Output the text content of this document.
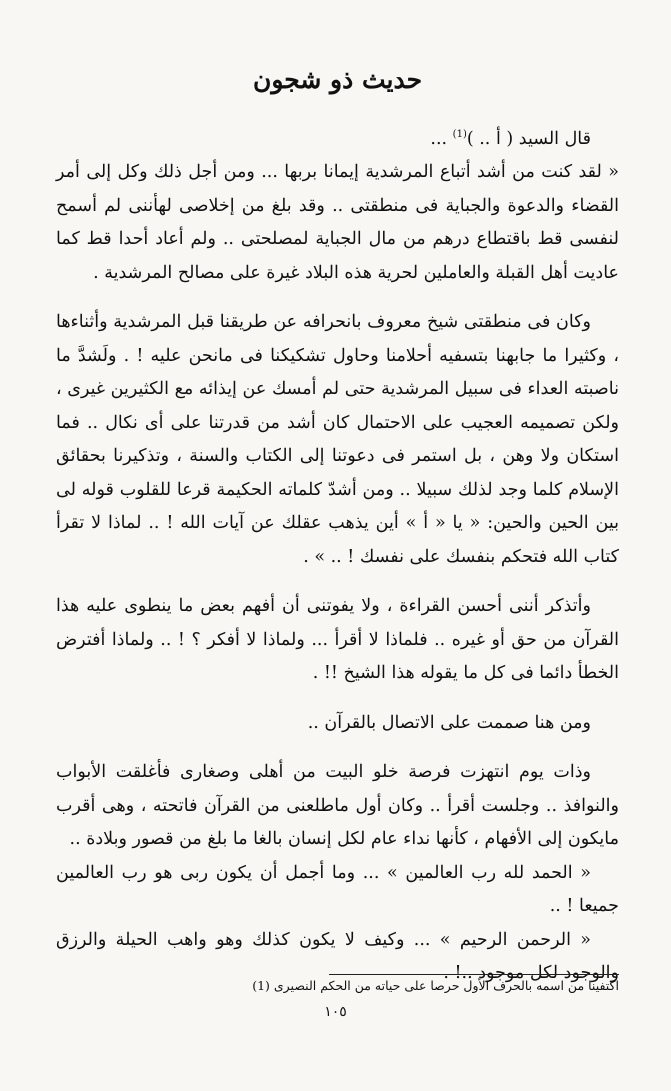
حديث ذو شجون

قال السيد ( أ .. )$^{(1)}$ ...

« لقد كنت من أشد أتباع المرشدية إيمانا بربها ... ومن أجل ذلك وكل إلى أمر القضاء والدعوة والجباية فى منطقتى .. وقد بلغ من إخلاصى لهأننى لم أسمح لنفسى قط باقتطاع درهم من مال الجباية لمصلحتى .. ولم أعاد أحدا قط كما عاديت أهل القبلة والعاملين لحرية هذه البلاد غيرة على مصالح المرشدية .

وكان فى منطقتى شيخ معروف بانحرافه عن طريقنا قبل المرشدية وأثناءها ، وكثيرا ما جابهنا بتسفيه أحلامنا وحاول تشكيكنا فى مانحن عليه ! . ولَشدَّ ما ناصبته العداء فى سبيل المرشدية حتى لم أمسك عن إيذائه مع الكثيرين غيرى ، ولكن تصميمه العجيب على الاحتمال كان أشد من قدرتنا على أى نكال .. فما استكان ولا وهن ، بل استمر فى دعوتنا إلى الكتاب والسنة ، وتذكيرنا بحقائق الإسلام كلما وجد لذلك سبيلا .. ومن أشدّ كلماته الحكيمة قرعا للقلوب قوله لى بين الحين والحين: « يا « أ » أين يذهب عقلك عن آيات الله ! .. لماذا لا تقرأ كتاب الله فتحكم بنفسك على نفسك ! .. » .

وأتذكر أننى أحسن القراءة ، ولا يفوتنى أن أفهم بعض ما ينطوى عليه هذا القرآن من حق أو غيره .. فلماذا لا أقرأ ... ولماذا لا أفكر ؟ ! .. ولماذا أفترض الخطأ دائما فى كل ما يقوله هذا الشيخ !! .

ومن هنا صممت على الاتصال بالقرآن ..

وذات يوم انتهزت فرصة خلو البيت من أهلى وصغارى فأغلقت الأبواب والنوافذ .. وجلست أقرأ .. وكان أول ماطلعنى من القرآن فاتحته ، وهى أقرب مايكون إلى الأفهام ، كأنها نداء عام لكل إنسان بالغا ما بلغ من قصور وبلادة ..

« الحمد لله رب العالمين » ... وما أجمل أن يكون ربى هو رب العالمين جميعا ! ..

« الرحمن الرحيم » ... وكيف لا يكون كذلك وهو واهب الحيلة والرزق والوجود لكل موجود ..! .

(1) اكتفينا من اسمه بالحرف الأول حرصا على حياته من الحكم النصيرى
١٠٥
